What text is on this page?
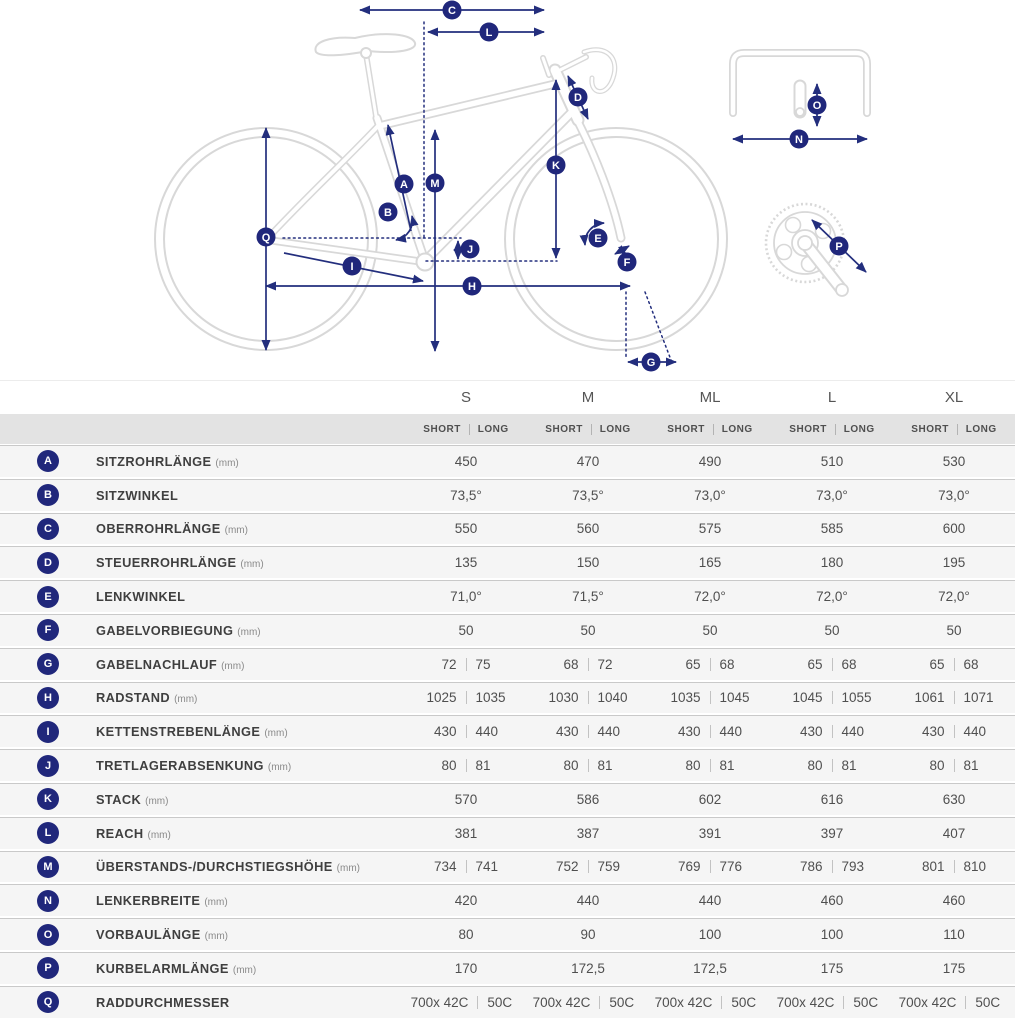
A
B
C
D
E
F
G
H
I
J
K
L
M
N
O
P
Q
S	M	ML	L	XL
SHORT LONG	SHORT LONG	SHORT LONG	SHORT LONG	SHORT LONG
A	SITZROHRLÄNGE (mm)	450	470	490	510	530
B	SITZWINKEL	73,5°	73,5°	73,0°	73,0°	73,0°
C	OBERROHRLÄNGE (mm)	550	560	575	585	600
D	STEUERROHRLÄNGE (mm)	135	150	165	180	195
E	LENKWINKEL	71,0°	71,5°	72,0°	72,0°	72,0°
F	GABELVORBIEGUNG (mm)	50	50	50	50	50
G	GABELNACHLAUF (mm)	72 75	68 72	65 68	65 68	65 68
H	RADSTAND (mm)	1025 1035	1030 1040	1035 1045	1045 1055	1061 1071
I	KETTENSTREBENLÄNGE (mm)	430 440	430 440	430 440	430 440	430 440
J	TRETLAGERABSENKUNG (mm)	80 81	80 81	80 81	80 81	80 81
K	STACK (mm)	570	586	602	616	630
L	REACH (mm)	381	387	391	397	407
M	ÜBERSTANDS-/DURCHSTIEGSHÖHE (mm)	734 741	752 759	769 776	786 793	801 810
N	LENKERBREITE (mm)	420	440	440	460	460
O	VORBAULÄNGE (mm)	80	90	100	100	110
P	KURBELARMLÄNGE (mm)	170	172,5	172,5	175	175
Q	RADDURCHMESSER	700x 42C 50C	700x 42C 50C	700x 42C 50C	700x 42C 50C	700x 42C 50C
